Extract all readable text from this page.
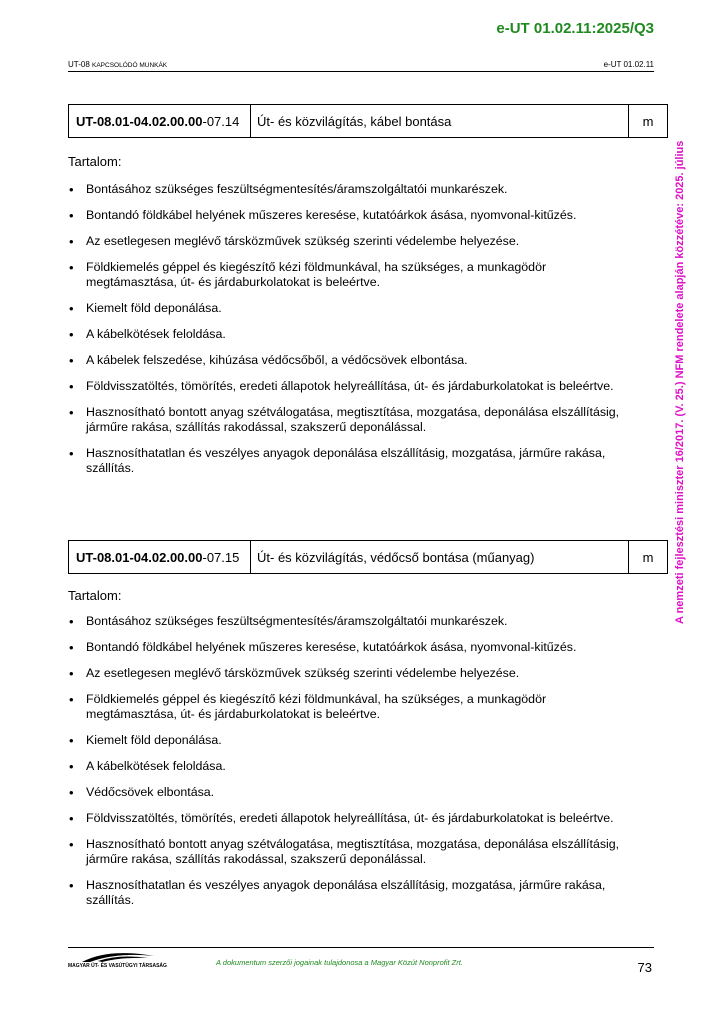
e-UT 01.02.11:2025/Q3
UT-08 KAPCSOLÓDÓ MUNKÁK	e-UT 01.02.11
A nemzeti fejlesztési miniszter 16/2017. (V. 25.) NFM rendelete alapján közzétéve: 2025. július
UT-08.01-04.02.00.00 -07.14	Út- és közvilágítás, kábel bontása	m
Tartalom:
• Bontásához szükséges feszültségmentesítés/áramszolgáltatói munkarészek.
• Bontandó földkábel helyének műszeres keresése, kutatóárkok ásása, nyomvonal-kitűzés.
• Az esetlegesen meglévő társközművek szükség szerinti védelembe helyezése.
• Földkiemelés géppel és kiegészítő kézi földmunkával, ha szükséges, a munkagödör megtámasztása, út- és járdaburkolatokat is beleértve.
• Kiemelt föld deponálása.
• A kábelkötések feloldása.
• A kábelek felszedése, kihúzása védőcsőből, a védőcsövek elbontása.
• Földvisszatöltés, tömörítés, eredeti állapotok helyreállítása, út- és járdaburkolatokat is beleértve.
• Hasznosítható bontott anyag szétválogatása, megtisztítása, mozgatása, deponálása elszállításig, járműre rakása, szállítás rakodással, szakszerű deponálással.
• Hasznosíthatatlan és veszélyes anyagok deponálása elszállításig, mozgatása, járműre rakása, szállítás.
UT-08.01-04.02.00.00 -07.15	Út- és közvilágítás, védőcső bontása (műanyag)	m
Tartalom:
• Bontásához szükséges feszültségmentesítés/áramszolgáltatói munkarészek.
• Bontandó földkábel helyének műszeres keresése, kutatóárkok ásása, nyomvonal-kitűzés.
• Az esetlegesen meglévő társközművek szükség szerinti védelembe helyezése.
• Földkiemelés géppel és kiegészítő kézi földmunkával, ha szükséges, a munkagödör megtámasztása, út- és járdaburkolatokat is beleértve.
• Kiemelt föld deponálása.
• A kábelkötések feloldása.
• Védőcsövek elbontása.
• Földvisszatöltés, tömörítés, eredeti állapotok helyreállítása, út- és járdaburkolatokat is beleértve.
• Hasznosítható bontott anyag szétválogatása, megtisztítása, mozgatása, deponálása elszállításig, járműre rakása, szállítás rakodással, szakszerű deponálással.
• Hasznosíthatatlan és veszélyes anyagok deponálása elszállításig, mozgatása, járműre rakása, szállítás.
MAGYAR ÚT- ÉS VASÚTÜGYI TÁRSASÁG	A dokumentum szerzői jogainak tulajdonosa a Magyar Közút Nonprofit Zrt.	73
